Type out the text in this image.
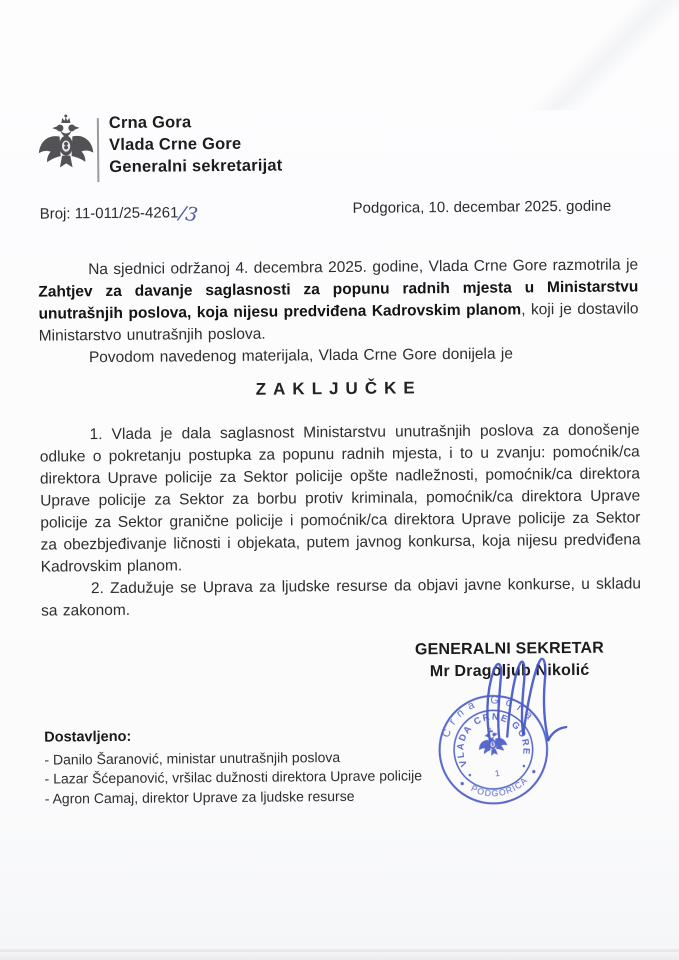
Crna Gora
Vlada Crne Gore
Generalni sekretarijat
Broj: 11-011/25-4261/3	Podgorica, 10. decembar 2025. godine

Na sjednici održanoj 4. decembra 2025. godine, Vlada Crne Gore razmotrila je Zahtjev za davanje saglasnosti za popunu radnih mjesta u Ministarstvu unutrašnjih poslova, koja nijesu predviđena Kadrovskim planom, koji je dostavilo Ministarstvo unutrašnjih poslova.

Povodom navedenog materijala, Vlada Crne Gore donijela je

ZAKLJUČKE

1. Vlada je dala saglasnost Ministarstvu unutrašnjih poslova za donošenje odluke o pokretanju postupka za popunu radnih mjesta, i to u zvanju: pomoćnik/ca direktora Uprave policije za Sektor policije opšte nadležnosti, pomoćnik/ca direktora Uprave policije za Sektor za borbu protiv kriminala, pomoćnik/ca direktora Uprave policije za Sektor granične policije i pomoćnik/ca direktora Uprave policije za Sektor za obezbjeđivanje ličnosti i objekata, putem javnog konkursa, koja nijesu predviđena Kadrovskim planom.

2. Zadužuje se Uprava za ljudske resurse da objavi javne konkurse, u skladu sa zakonom.

GENERALNI SEKRETAR
Mr Dragoljub Nikolić
Crna Gora
VLADA CRNE GORE
PODGORICA
1
Dostavljeno:
- Danilo Šaranović, ministar unutrašnjih poslova
- Lazar Šćepanović, vršilac dužnosti direktora Uprave policije
- Agron Camaj, direktor Uprave za ljudske resurse
